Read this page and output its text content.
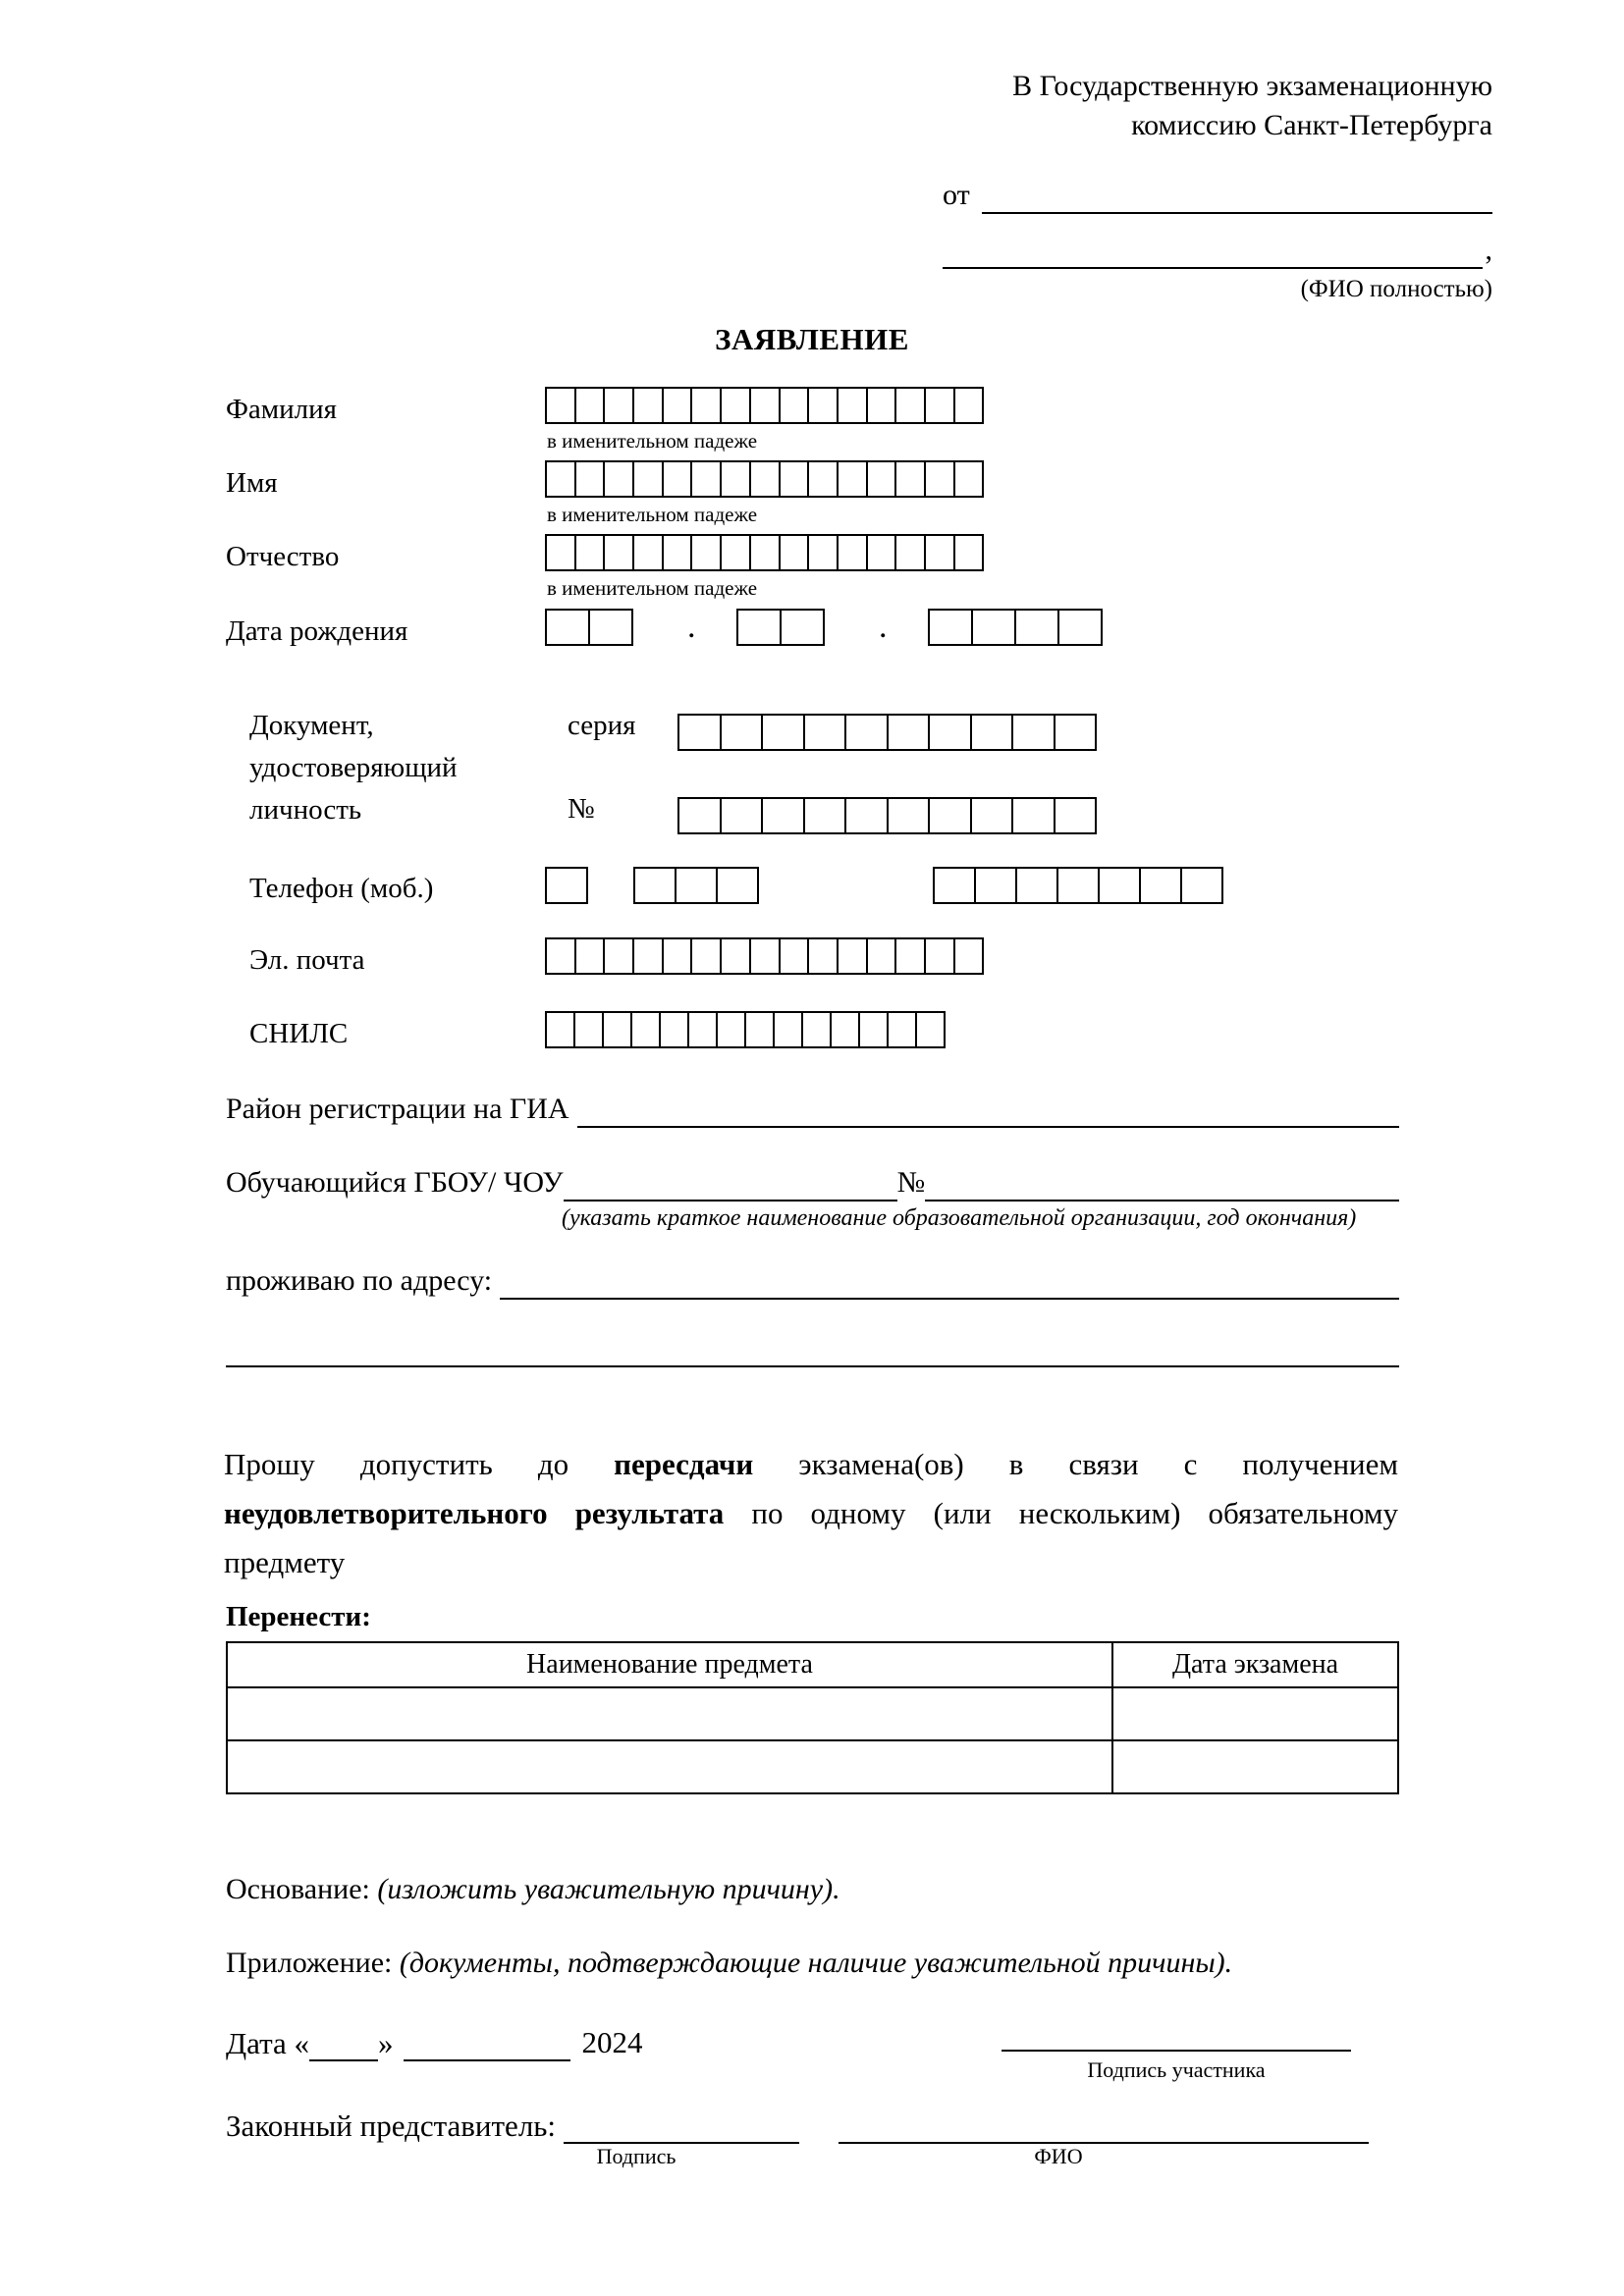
В Государственную экзаменационную
комиссию Санкт-Петербурга
от
,
(ФИО полностью)
ЗАЯВЛЕНИЕ
Фамилия
в именительном падеже
Имя
в именительном падеже
Отчество
в именительном падеже
Дата рождения	.	.
Документ,
удостоверяющий
личность
серия
№
Телефон (моб.)
Эл. почта
СНИЛС
Район регистрации на ГИА
Обучающийся ГБОУ/ ЧОУ	№
(указать краткое наименование образовательной организации, год окончания)
проживаю по адресу:
Прошу допустить до пересдачи экзамена(ов) в связи с получением неудовлетворительного результата по одному (или нескольким) обязательному предмету
Перенести:
Наименование предмета	Дата экзамена

Основание: (изложить уважительную причину).
Приложение: (документы, подтверждающие наличие уважительной причины).
Дата « »	2024
Подпись участника
Законный представитель:
Подпись	ФИО
